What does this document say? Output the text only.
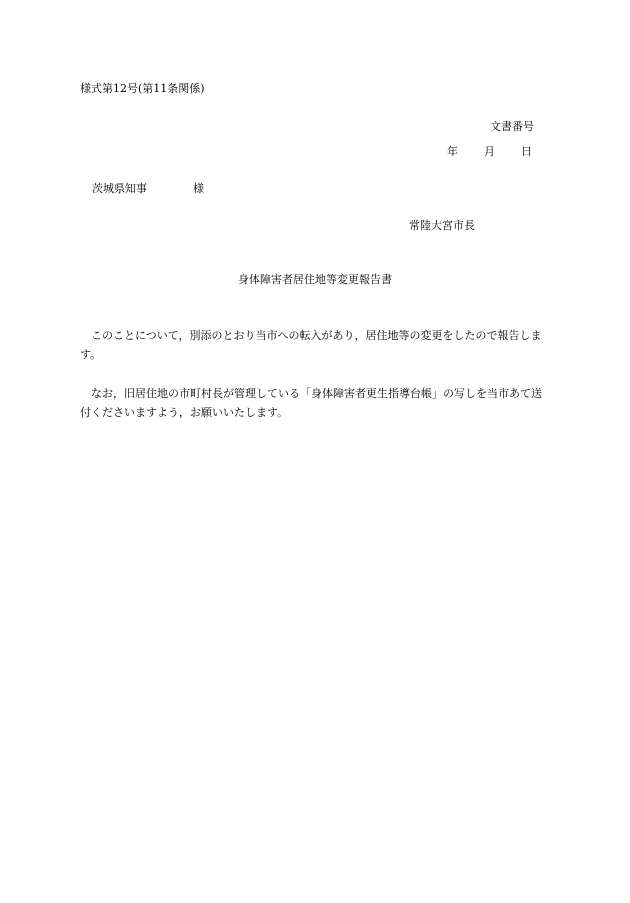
様式第12号(第11条関係)
文書番号
年 月 日
茨城県知事	様
常陸大宮市長
身体障害者居住地等変更報告書
このことについて，別添のとおり当市への転入があり，居住地等の変更をしたので報告します。
なお，旧居住地の市町村長が管理している「身体障害者更生指導台帳」の写しを当市あて送付くださいますよう，お願いいたします。
